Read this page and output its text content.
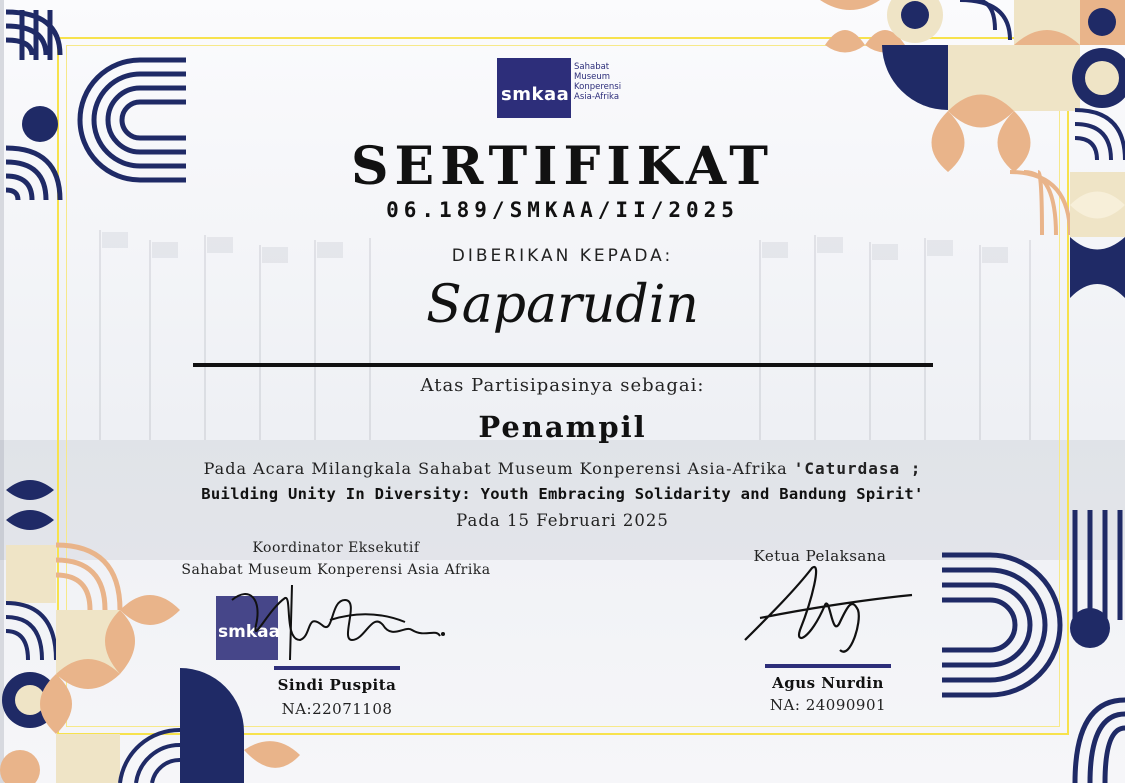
smkaa
Sahabat
Museum
Konperensi
Asia-Afrika
SERTIFIKAT
06.189/SMKAA/II/2025
DIBERIKAN KEPADA:
Saparudin
Atas Partisipasinya sebagai:
Penampil
Pada Acara Milangkala Sahabat Museum Konperensi Asia-Afrika 'Caturdasa ;
Building Unity In Diversity: Youth Embracing Solidarity and Bandung Spirit'
Pada 15 Februari 2025
Koordinator Eksekutif
Sahabat Museum Konperensi Asia Afrika
smkaa
Sindi Puspita
NA:22071108
Ketua Pelaksana
Agus Nurdin
NA: 24090901
